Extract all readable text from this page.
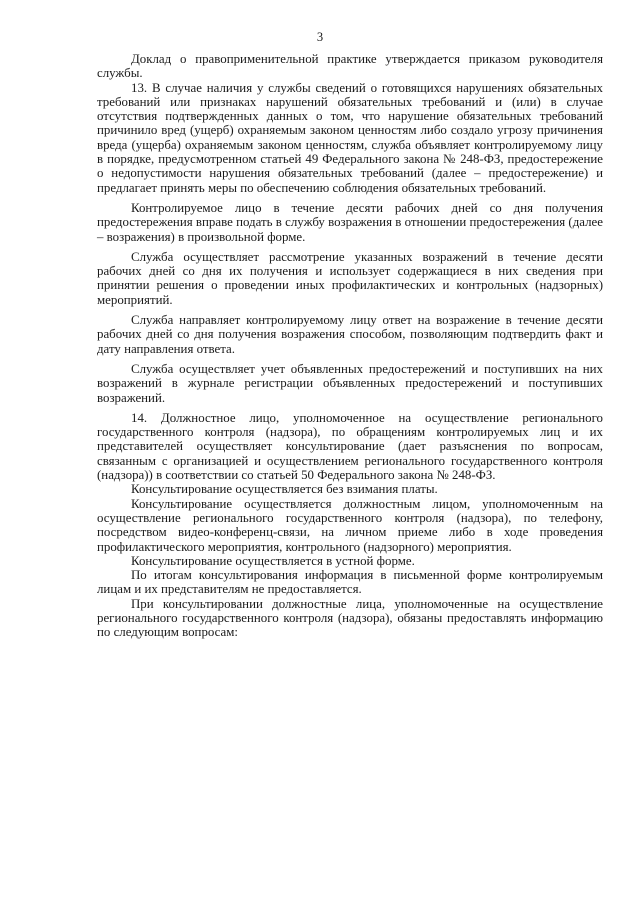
3

Доклад о правоприменительной практике утверждается приказом руководителя службы.

13. В случае наличия у службы сведений о готовящихся нарушениях обязательных требований или признаках нарушений обязательных требований и (или) в случае отсутствия подтвержденных данных о том, что нарушение обязательных требований причинило вред (ущерб) охраняемым законом ценностям либо создало угрозу причинения вреда (ущерба) охраняемым законом ценностям, служба объявляет контролируемому лицу в порядке, предусмотренном статьей 49 Федерального закона № 248-ФЗ, предостережение о недопустимости нарушения обязательных требований (далее – предостережение) и предлагает принять меры по обеспечению соблюдения обязательных требований.

Контролируемое лицо в течение десяти рабочих дней со дня получения предостережения вправе подать в службу возражения в отношении предостережения (далее – возражения) в произвольной форме.

Служба осуществляет рассмотрение указанных возражений в течение десяти рабочих дней со дня их получения и использует содержащиеся в них сведения при принятии решения о проведении иных профилактических и контрольных (надзорных) мероприятий.

Служба направляет контролируемому лицу ответ на возражение в течение десяти рабочих дней со дня получения возражения способом, позволяющим подтвердить факт и дату направления ответа.

Служба осуществляет учет объявленных предостережений и поступивших на них возражений в журнале регистрации объявленных предостережений и поступивших возражений.

14. Должностное лицо, уполномоченное на осуществление регионального государственного контроля (надзора), по обращениям контролируемых лиц и их представителей осуществляет консультирование (дает разъяснения по вопросам, связанным с организацией и осуществлением регионального государственного контроля (надзора)) в соответствии со статьей 50 Федерального закона № 248-ФЗ.

Консультирование осуществляется без взимания платы.

Консультирование осуществляется должностным лицом, уполномоченным на осуществление регионального государственного контроля (надзора), по телефону, посредством видео-конференц-связи, на личном приеме либо в ходе проведения профилактического мероприятия, контрольного (надзорного) мероприятия.

Консультирование осуществляется в устной форме.

По итогам консультирования информация в письменной форме контролируемым лицам и их представителям не предоставляется.

При консультировании должностные лица, уполномоченные на осуществление регионального государственного контроля (надзора), обязаны предоставлять информацию по следующим вопросам:
